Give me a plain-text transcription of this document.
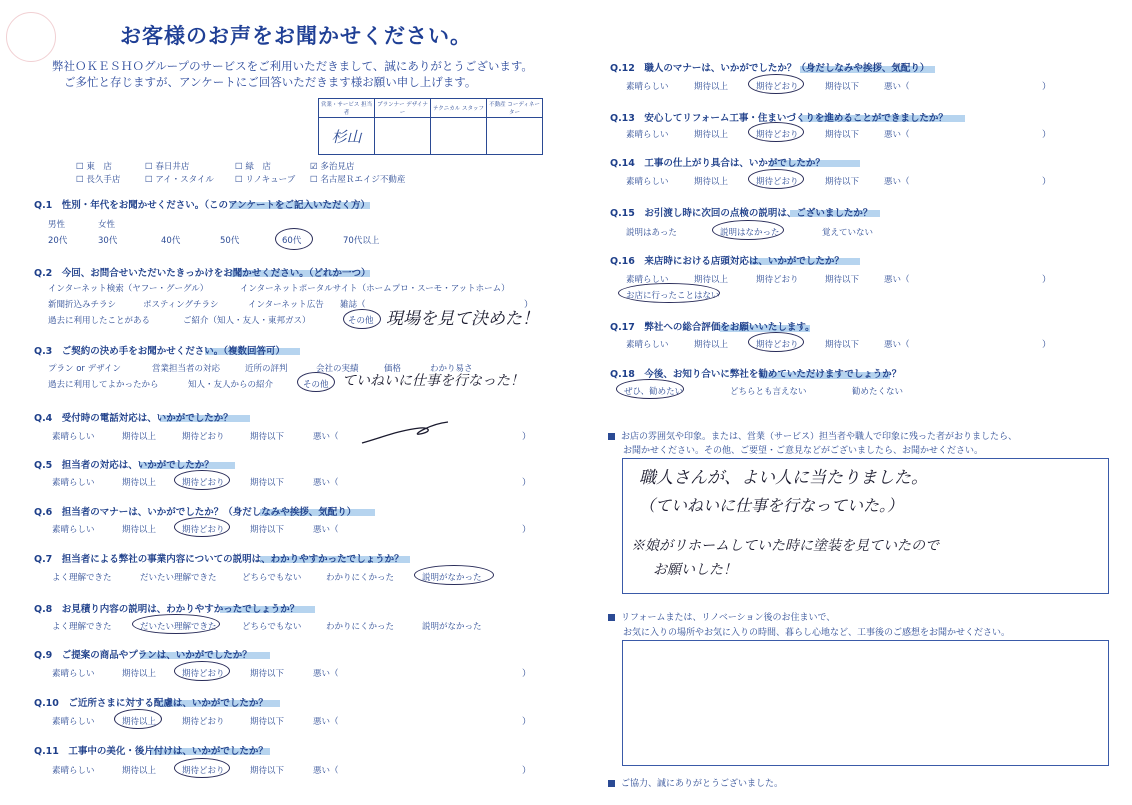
お客様のお声をお聞かせください。
弊社ＯＫＥＳＨＯグループのサービスをご利用いただきまして、誠にありがとうございます。
ご多忙と存じますが、アンケートにご回答いただきます様お願い申し上げます。
営業・サービス 担当者	プランナー デザイナー	テクニカル スタッフ	不動産 コーディネーター
杉山			
☐ 東　店	☐ 春日井店	☐ 緑　店	☑ 多治見店
☐ 長久手店	☐ アイ・スタイル ☐ リノキューブ ☐ 名古屋Ｒエイジ不動産
Q.1　性別・年代をお聞かせください。（このアンケートをご記入いただく方）
男性	女性
20代	30代	40代	50代	60代	70代以上
Q.2　今回、お問合せいただいたきっかけをお聞かせください。（どれか一つ）
インターネット検索（ヤフー・グーグル）	インターネットポータルサイト（ホームプロ・スーモ・アットホーム）
新聞折込みチラシ	ポスティングチラシ	インターネット広告 雑誌（	）
過去に利用したことがある	ご紹介（知人・友人・東邦ガス）	その他 現場を見て決めた！
Q.3　ご契約の決め手をお聞かせください。（複数回答可）
プラン or デザイン	営業担当者の対応	近所の評判	会社の実績	価格	わかり易さ
過去に利用してよかったから	知人・友人からの紹介	その他 ていねいに仕事を行なった！
Q.4　受付時の電話対応は、いかがでしたか？
素晴らしい	期待以上	期待どおり	期待以下	悪い（	）
Q.5　担当者の対応は、いかがでしたか？
素晴らしい	期待以上	期待どおり	期待以下	悪い（	）
Q.6　担当者のマナーは、いかがでしたか？（身だしなみや挨拶、気配り）
素晴らしい	期待以上	期待どおり	期待以下	悪い（	）
Q.7　担当者による弊社の事業内容についての説明は、わかりやすかったでしょうか？
よく理解できた	だいたい理解できた	どちらでもない	わかりにくかった	説明がなかった
Q.8　お見積り内容の説明は、わかりやすかったでしょうか？
よく理解できた	だいたい理解できた	どちらでもない	わかりにくかった	説明がなかった
Q.9　ご提案の商品やプランは、いかがでしたか？
素晴らしい	期待以上	期待どおり	期待以下	悪い（	）
Q.10　ご近所さまに対する配慮は、いかがでしたか？
素晴らしい	期待以上	期待どおり	期待以下	悪い（	）
Q.11　工事中の美化・後片付けは、いかがでしたか？
素晴らしい	期待以上	期待どおり	期待以下	悪い（	）
Q.12　職人のマナーは、いかがでしたか？（身だしなみや挨拶、気配り）
素晴らしい	期待以上	期待どおり	期待以下	悪い（	）
Q.13　安心してリフォーム工事・住まいづくりを進めることができましたか？
素晴らしい	期待以上	期待どおり	期待以下	悪い（	）
Q.14　工事の仕上がり具合は、いかがでしたか？
素晴らしい	期待以上	期待どおり	期待以下	悪い（	）
Q.15　お引渡し時に次回の点検の説明は、ございましたか？
説明はあった	説明はなかった	覚えていない
Q.16　来店時における店頭対応は、いかがでしたか？
素晴らしい	期待以上	期待どおり	期待以下	悪い（	）
お店に行ったことはない
Q.17　弊社への総合評価をお願いいたします。
素晴らしい	期待以上	期待どおり	期待以下	悪い（	）
Q.18　今後、お知り合いに弊社を勧めていただけますでしょうか？
ぜひ、勧めたい	どちらとも言えない	勧めたくない
お店の雰囲気や印象。または、営業（サービス）担当者や職人で印象に残った者がおりましたら、
お聞かせください。その他、ご要望・ご意見などがございましたら、お聞かせください。
職人さんが、よい人に当たりました。
（ていねいに仕事を行なっていた。）
※娘がリホームしていた時に塗装を見ていたので
お願いした！
リフォームまたは、リノベーション後のお住まいで、
お気に入りの場所やお気に入りの時間、暮らし心地など、工事後のご感想をお聞かせください。
ご協力、誠にありがとうございました。
